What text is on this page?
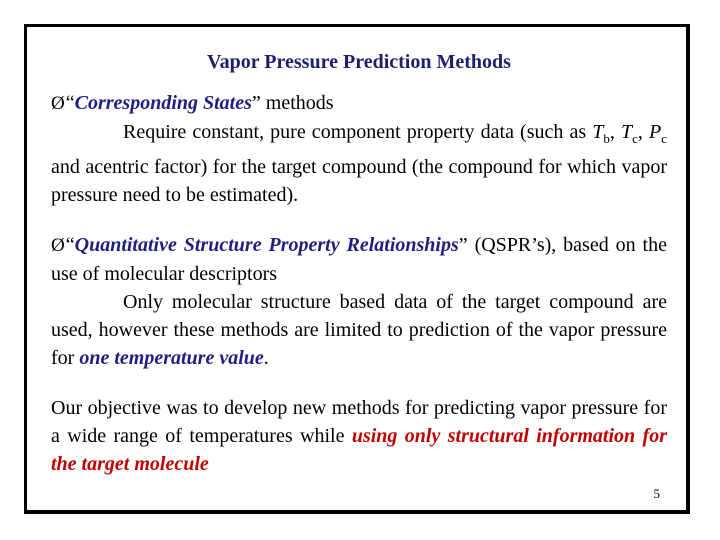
Vapor Pressure Prediction Methods
Ø“Corresponding States” methods
Require constant, pure component property data (such as $T_b$, $T_c$, $P_c$ and acentric factor) for the target compound (the compound for which vapor pressure need to be estimated).
Ø“Quantitative Structure Property Relationships” (QSPR’s), based on the use of molecular descriptors
Only molecular structure based data of the target compound are used, however these methods are limited to prediction of the vapor pressure for one temperature value.
Our objective was to develop new methods for predicting vapor pressure for a wide range of temperatures while using only structural information for the target molecule
5
